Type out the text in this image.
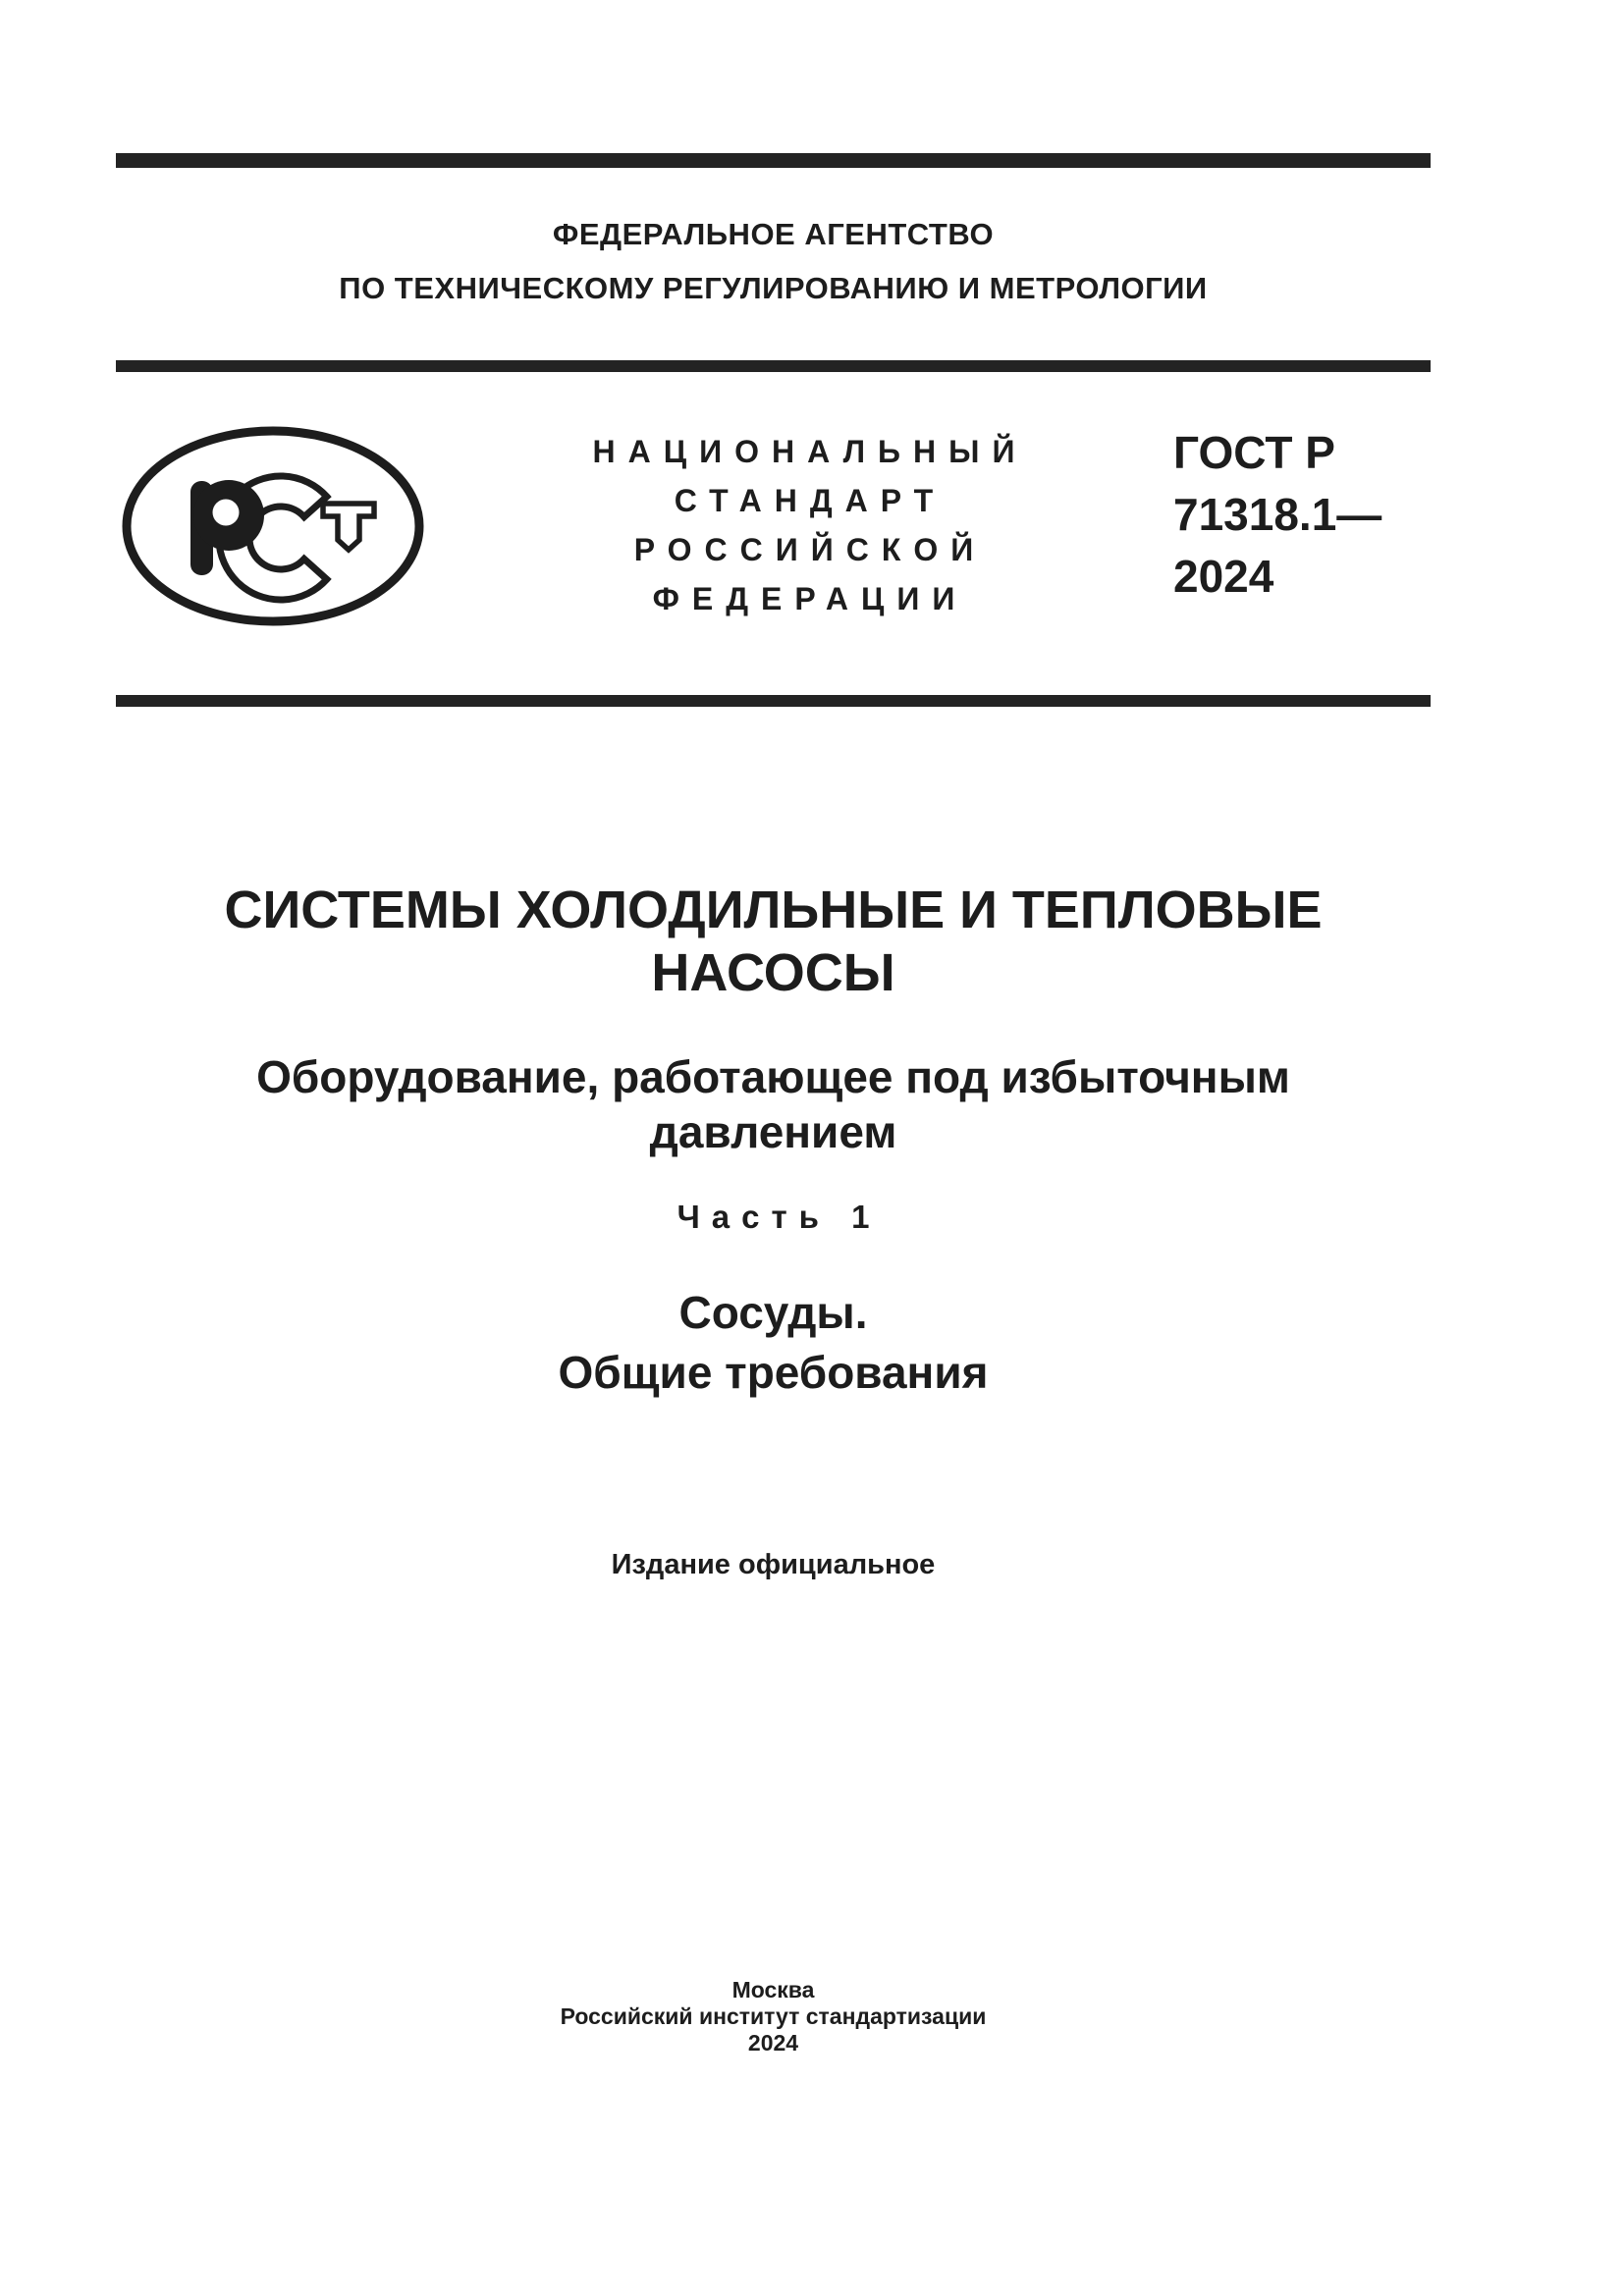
ФЕДЕРАЛЬНОЕ АГЕНТСТВО
ПО ТЕХНИЧЕСКОМУ РЕГУЛИРОВАНИЮ И МЕТРОЛОГИИ
НАЦИОНАЛЬНЫЙ
СТАНДАРТ
РОССИЙСКОЙ
ФЕДЕРАЦИИ
ГОСТ Р
71318.1—
2024
СИСТЕМЫ ХОЛОДИЛЬНЫЕ И ТЕПЛОВЫЕ
НАСОСЫ
Оборудование, работающее под избыточным
давлением
Часть 1
Сосуды.
Общие требования
Издание официальное
Москва
Российский институт стандартизации
2024
